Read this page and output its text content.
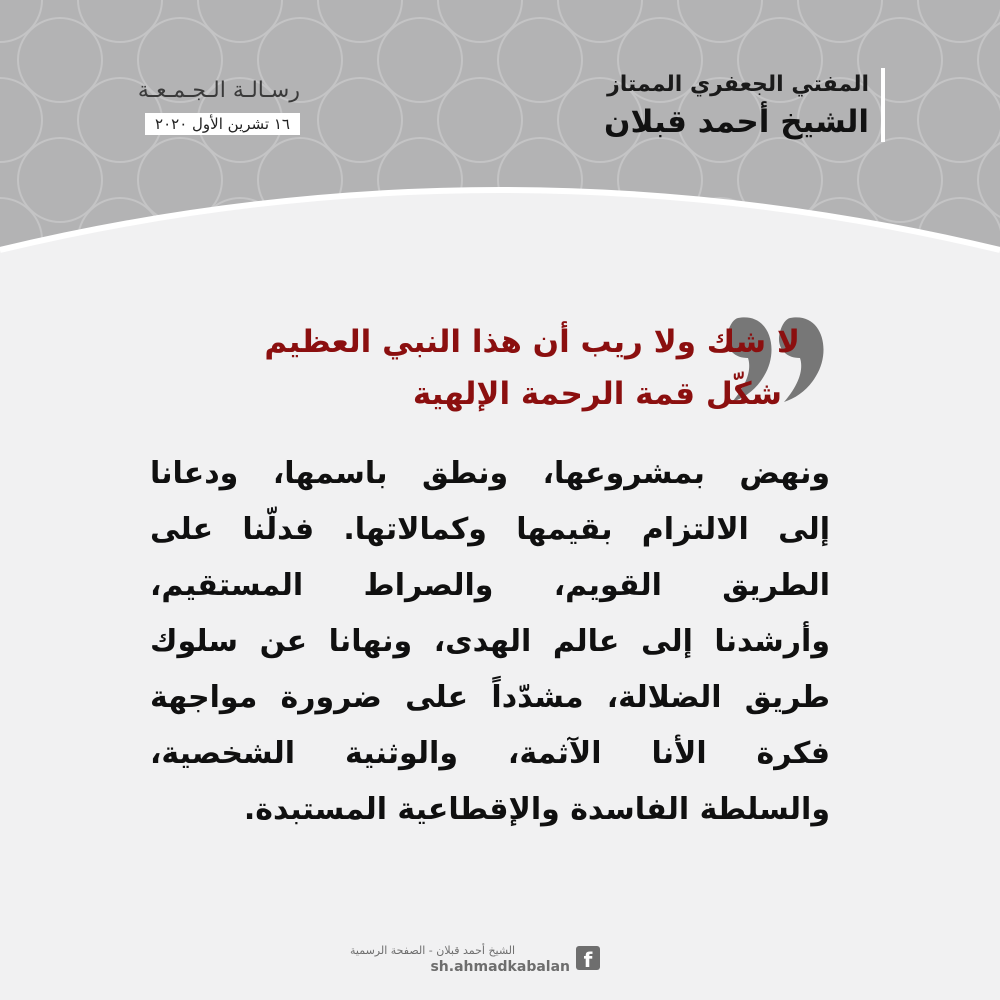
المفتي الجعفري الممتاز
الشيخ أحمد قبلان
رسـالـة الـجـمـعـة
١٦ تشرين الأول ٢٠٢٠
لا شك ولا ريب أن هذا النبي العظيم
شكّل قمة الرحمة الإلهية
ونهض بمشروعها، ونطق باسمها، ودعانا
إلى الالتزام بقيمها وكمالاتها. فدلّنا على
الطريق القويم، والصراط المستقيم،
وأرشدنا إلى عالم الهدى، ونهانا عن سلوك
طريق الضلالة، مشدّداً على ضرورة مواجهة
فكرة الأنا الآثمة، والوثنية الشخصية،
والسلطة الفاسدة والإقطاعية المستبدة.
f
الشيخ أحمد قبلان - الصفحة الرسمية
sh.ahmadkabalan
